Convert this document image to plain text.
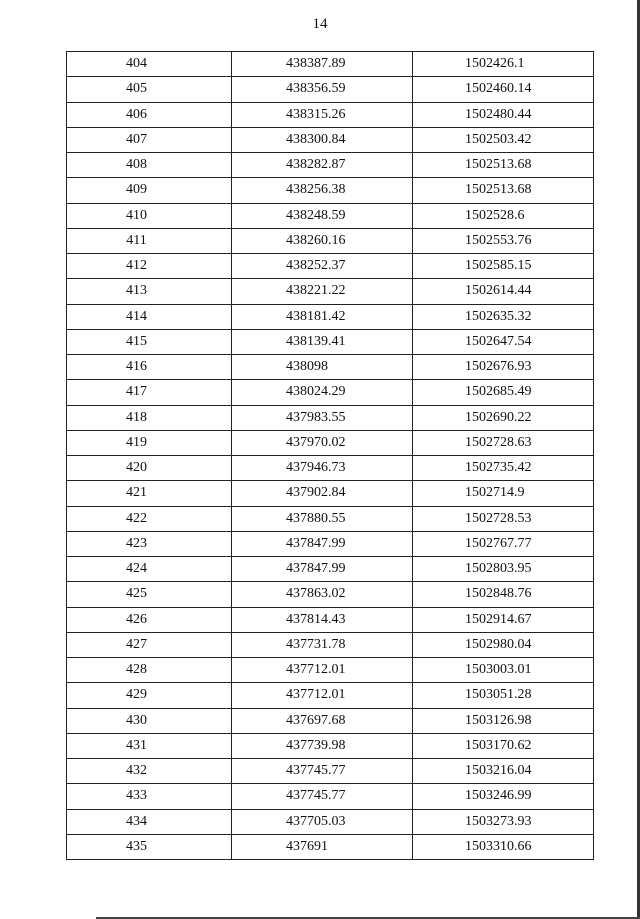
14
404	438387.89	1502426.1
405	438356.59	1502460.14
406	438315.26	1502480.44
407	438300.84	1502503.42
408	438282.87	1502513.68
409	438256.38	1502513.68
410	438248.59	1502528.6
411	438260.16	1502553.76
412	438252.37	1502585.15
413	438221.22	1502614.44
414	438181.42	1502635.32
415	438139.41	1502647.54
416	438098	1502676.93
417	438024.29	1502685.49
418	437983.55	1502690.22
419	437970.02	1502728.63
420	437946.73	1502735.42
421	437902.84	1502714.9
422	437880.55	1502728.53
423	437847.99	1502767.77
424	437847.99	1502803.95
425	437863.02	1502848.76
426	437814.43	1502914.67
427	437731.78	1502980.04
428	437712.01	1503003.01
429	437712.01	1503051.28
430	437697.68	1503126.98
431	437739.98	1503170.62
432	437745.77	1503216.04
433	437745.77	1503246.99
434	437705.03	1503273.93
435	437691	1503310.66
